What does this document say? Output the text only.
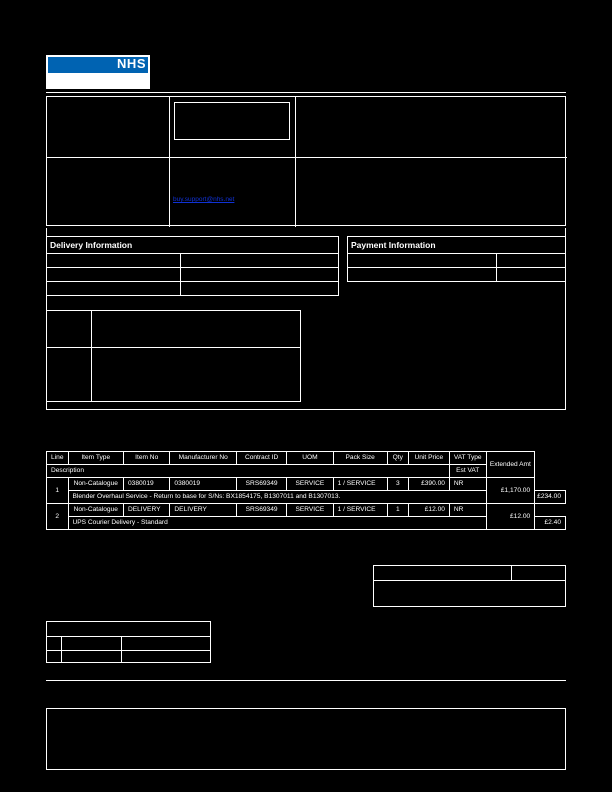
NHS
buy.support@nhs.net
Delivery Information	Payment Information
Line	Item Type	Item No	Manufacturer No	Contract ID	UOM	Pack Size	Qty	Unit Price	VAT Type	Extended Amt	
Description									Est VAT		
1	Non-Catalogue	0380019	0380019	SRS69349	SERVICE	1 / SERVICE	3	£390.00	NR	£1,170.00	
	Blender Overhaul Service - Return to base for S/Ns: BX1854175, B1307011 and B1307013.										£234.00
2	Non-Catalogue	DELIVERY	DELIVERY	SRS69349	SERVICE	1 / SERVICE	1	£12.00	NR	£12.00	
	UPS Courier Delivery - Standard										£2.40
